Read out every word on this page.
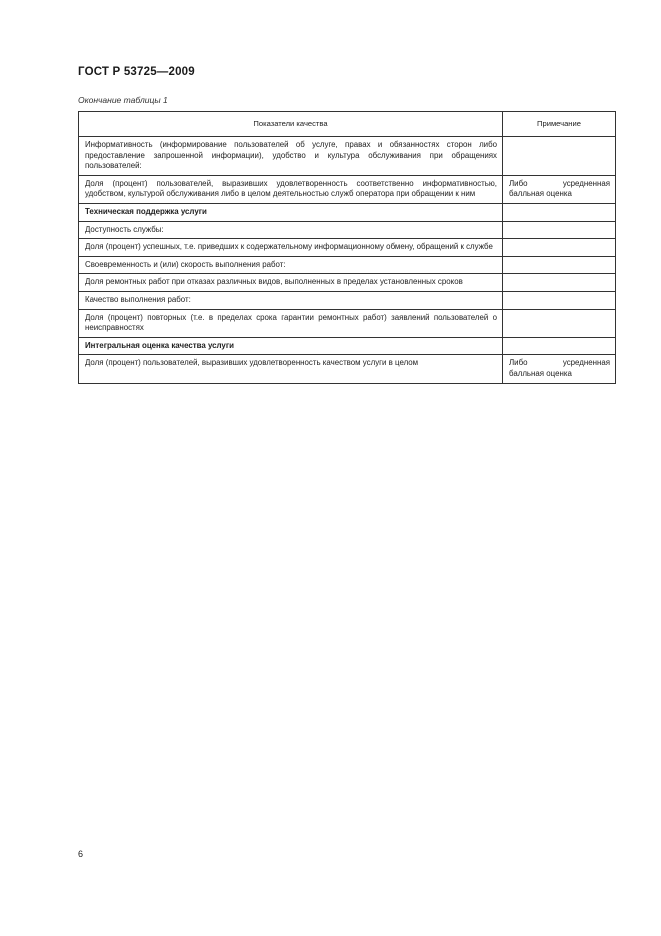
ГОСТ Р 53725—2009
Окончание таблицы 1
Показатели качества	Примечание
Информативность (информирование пользователей об услуге, правах и обязанностях сторон либо предоставление запрошенной информации), удобство и культура обслуживания при обращениях пользователей:	
Доля (процент) пользователей, выразивших удовлетворенность соответственно информативностью, удобством, культурой обслуживания либо в целом деятельностью служб оператора при обращении к ним	Либо усредненная балльная оценка
Техническая поддержка услуги	
Доступность службы:	
Доля (процент) успешных, т.е. приведших к содержательному информационному обмену, обращений к службе	
Своевременность и (или) скорость выполнения работ:	
Доля ремонтных работ при отказах различных видов, выполненных в пределах установленных сроков	
Качество выполнения работ:	
Доля (процент) повторных (т.е. в пределах срока гарантии ремонтных работ) заявлений пользователей о неисправностях	
Интегральная оценка качества услуги	
Доля (процент) пользователей, выразивших удовлетворенность качеством услуги в целом	Либо усредненная балльная оценка
6
